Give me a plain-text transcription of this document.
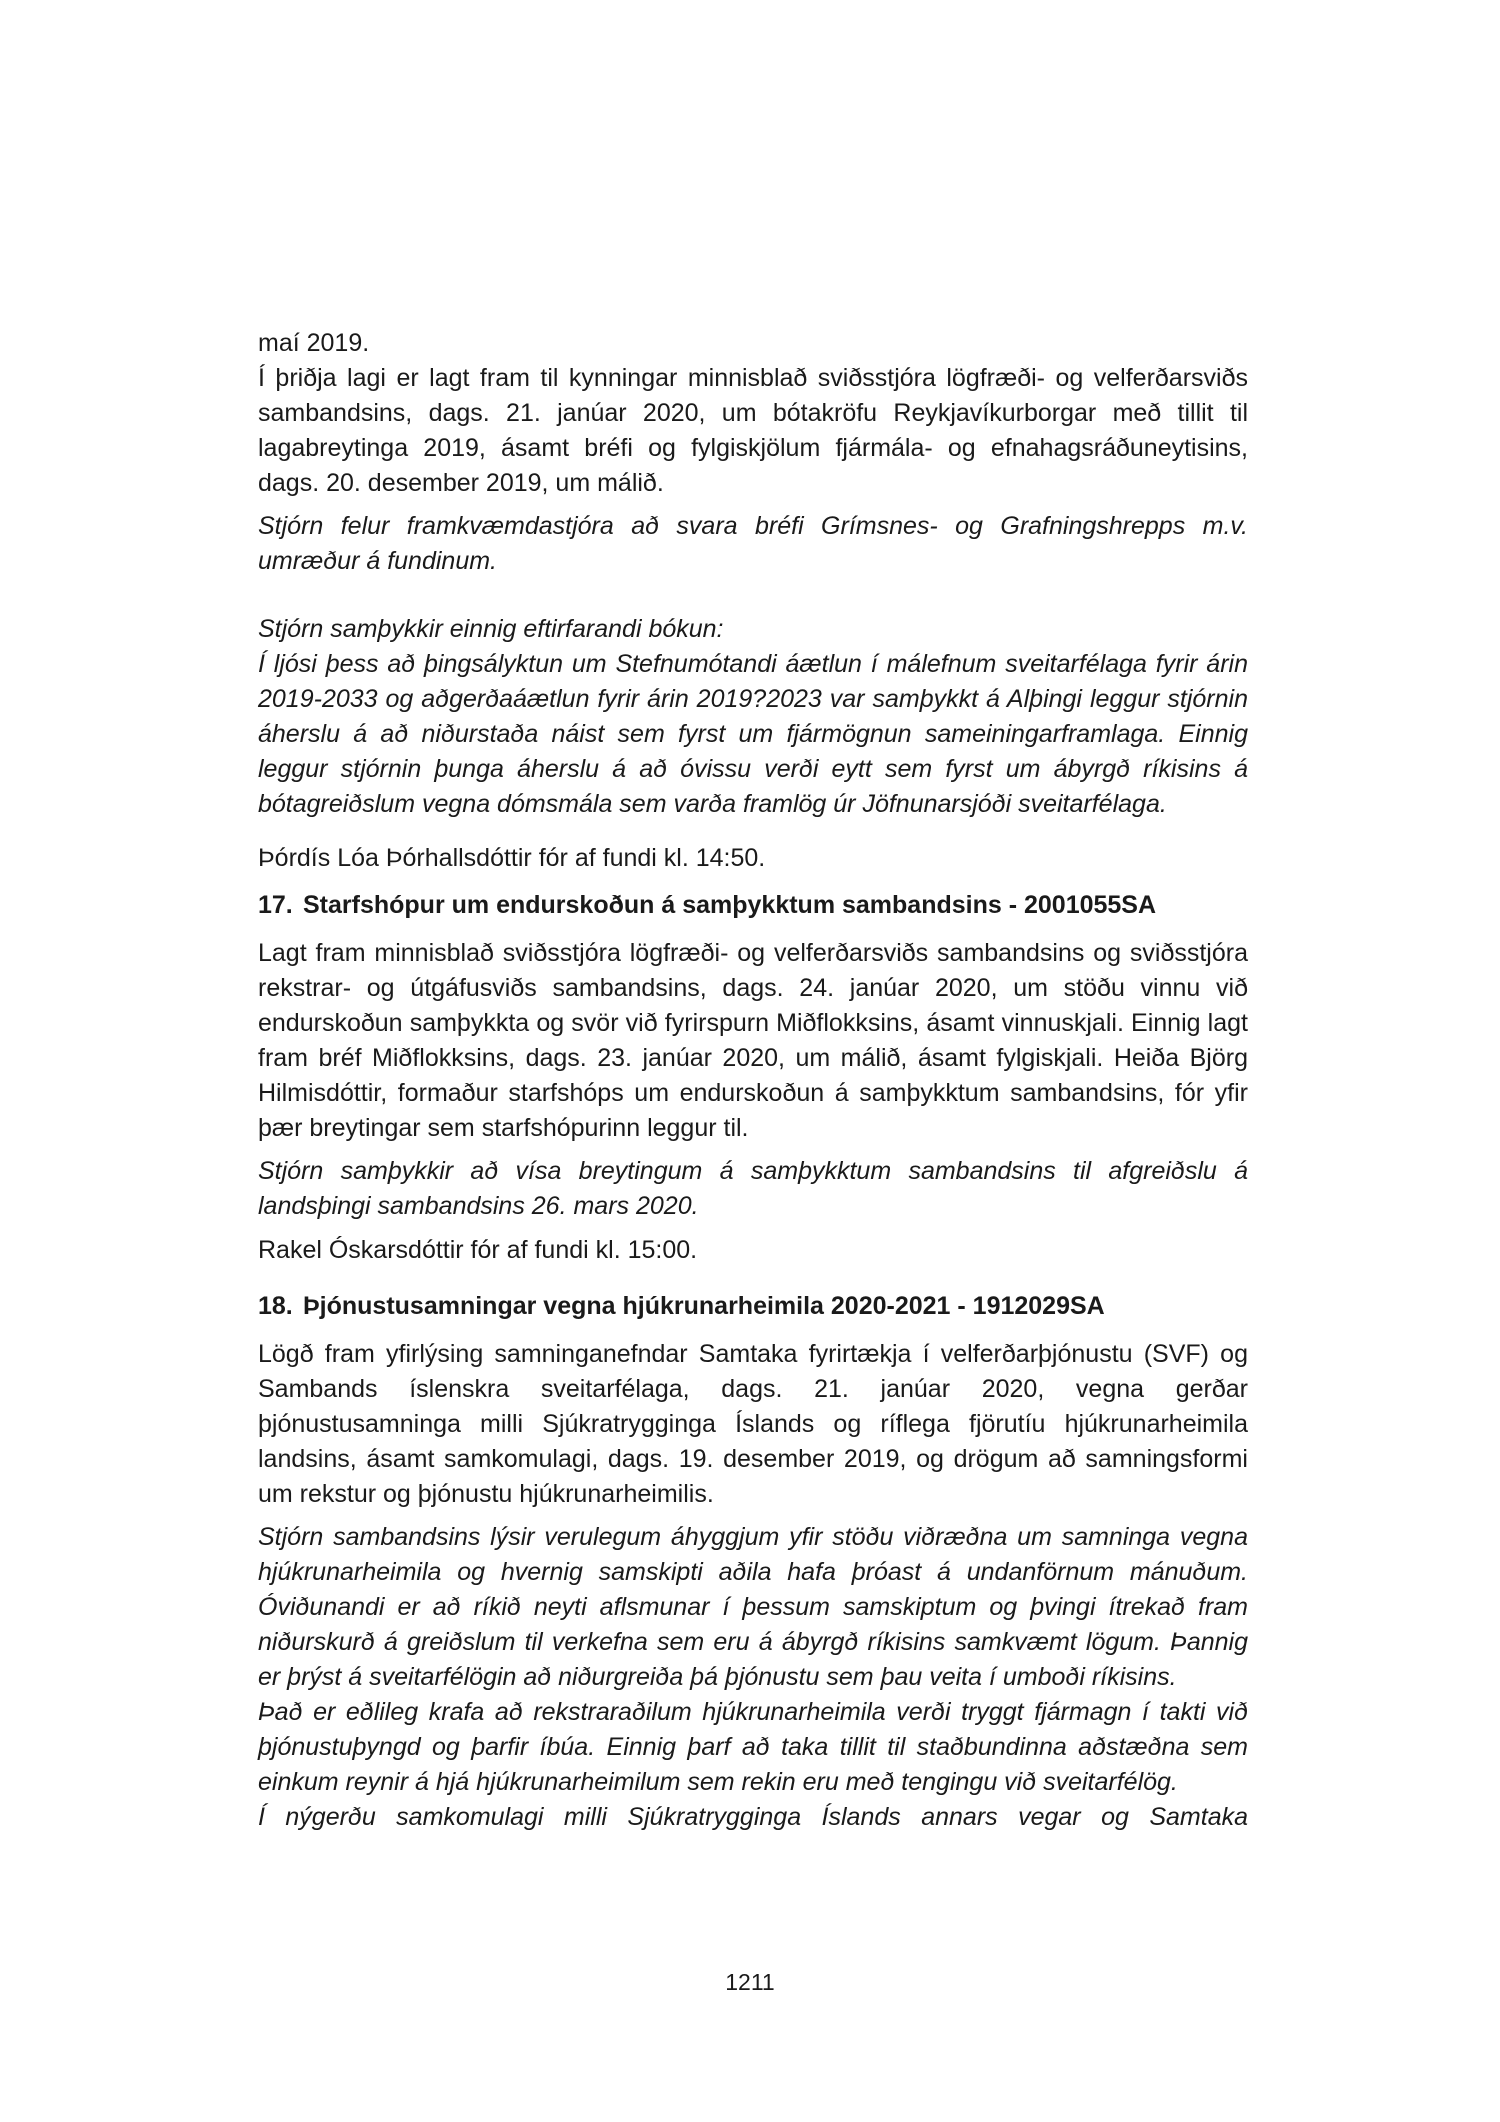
maí 2019.

Í þriðja lagi er lagt fram til kynningar minnisblað sviðsstjóra lögfræði- og velferðarsviðs sambandsins, dags. 21. janúar 2020, um bótakröfu Reykjavíkurborgar með tillit til lagabreytinga 2019, ásamt bréfi og fylgiskjölum fjármála- og efnahagsráðuneytisins, dags. 20. desember 2019, um málið.

Stjórn felur framkvæmdastjóra að svara bréfi Grímsnes- og Grafningshrepps m.v. umræður á fundinum.

Stjórn samþykkir einnig eftirfarandi bókun:

Í ljósi þess að þingsályktun um Stefnumótandi áætlun í málefnum sveitarfélaga fyrir árin 2019-2033 og aðgerðaáætlun fyrir árin 2019?2023 var samþykkt á Alþingi leggur stjórnin áherslu á að niðurstaða náist sem fyrst um fjármögnun sameiningarframlaga. Einnig leggur stjórnin þunga áherslu á að óvissu verði eytt sem fyrst um ábyrgð ríkisins á bótagreiðslum vegna dómsmála sem varða framlög úr Jöfnunarsjóði sveitarfélaga.

Þórdís Lóa Þórhallsdóttir fór af fundi kl. 14:50.

17. Starfshópur um endurskoðun á samþykktum sambandsins - 2001055SA

Lagt fram minnisblað sviðsstjóra lögfræði- og velferðarsviðs sambandsins og sviðsstjóra rekstrar- og útgáfusviðs sambandsins, dags. 24. janúar 2020, um stöðu vinnu við endurskoðun samþykkta og svör við fyrirspurn Miðflokksins, ásamt vinnuskjali. Einnig lagt fram bréf Miðflokksins, dags. 23. janúar 2020, um málið, ásamt fylgiskjali. Heiða Björg Hilmisdóttir, formaður starfshóps um endurskoðun á samþykktum sambandsins, fór yfir þær breytingar sem starfshópurinn leggur til.

Stjórn samþykkir að vísa breytingum á samþykktum sambandsins til afgreiðslu á landsþingi sambandsins 26. mars 2020.

Rakel Óskarsdóttir fór af fundi kl. 15:00.

18. Þjónustusamningar vegna hjúkrunarheimila 2020-2021 - 1912029SA

Lögð fram yfirlýsing samninganefndar Samtaka fyrirtækja í velferðarþjónustu (SVF) og Sambands íslenskra sveitarfélaga, dags. 21. janúar 2020, vegna gerðar þjónustusamninga milli Sjúkratrygginga Íslands og ríflega fjörutíu hjúkrunarheimila landsins, ásamt samkomulagi, dags. 19. desember 2019, og drögum að samningsformi um rekstur og þjónustu hjúkrunarheimilis.

Stjórn sambandsins lýsir verulegum áhyggjum yfir stöðu viðræðna um samninga vegna hjúkrunarheimila og hvernig samskipti aðila hafa þróast á undanförnum mánuðum. Óviðunandi er að ríkið neyti aflsmunar í þessum samskiptum og þvingi ítrekað fram niðurskurð á greiðslum til verkefna sem eru á ábyrgð ríkisins samkvæmt lögum. Þannig er þrýst á sveitarfélögin að niðurgreiða þá þjónustu sem þau veita í umboði ríkisins.

Það er eðlileg krafa að rekstraraðilum hjúkrunarheimila verði tryggt fjármagn í takti við þjónustuþyngd og þarfir íbúa. Einnig þarf að taka tillit til staðbundinna aðstæðna sem einkum reynir á hjá hjúkrunarheimilum sem rekin eru með tengingu við sveitarfélög.

Í nýgerðu samkomulagi milli Sjúkratrygginga Íslands annars vegar og Samtaka

1211
